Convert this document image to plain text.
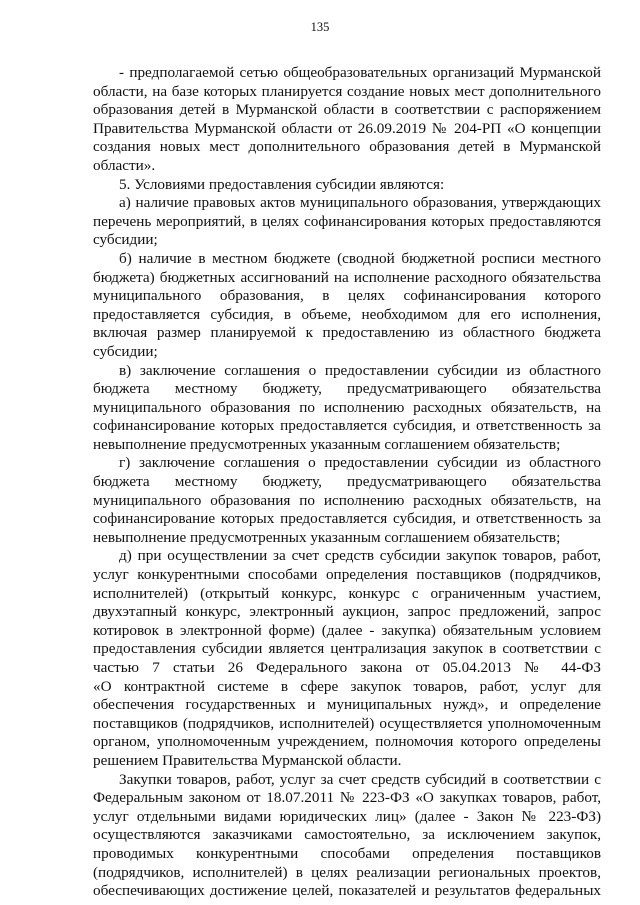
135
- предполагаемой сетью общеобразовательных организаций Мурманской
области, на базе которых планируется создание новых мест дополнительного
образования детей в Мурманской области в соответствии с распоряжением
Правительства Мурманской области от 26.09.2019 № 204-РП «О концепции
создания новых мест дополнительного образования детей в Мурманской
области».
5. Условиями предоставления субсидии являются:
а) наличие правовых актов муниципального образования, утверждающих
перечень мероприятий, в целях софинансирования которых предоставляются
субсидии;
б) наличие в местном бюджете (сводной бюджетной росписи местного
бюджета) бюджетных ассигнований на исполнение расходного обязательства
муниципального образования, в целях софинансирования которого
предоставляется субсидия, в объеме, необходимом для его исполнения,
включая размер планируемой к предоставлению из областного бюджета
субсидии;
в) заключение соглашения о предоставлении субсидии из областного
бюджета местному бюджету, предусматривающего обязательства
муниципального образования по исполнению расходных обязательств, на
софинансирование которых предоставляется субсидия, и ответственность за
невыполнение предусмотренных указанным соглашением обязательств;
г) заключение соглашения о предоставлении субсидии из областного
бюджета местному бюджету, предусматривающего обязательства
муниципального образования по исполнению расходных обязательств, на
софинансирование которых предоставляется субсидия, и ответственность за
невыполнение предусмотренных указанным соглашением обязательств;
д) при осуществлении за счет средств субсидии закупок товаров, работ,
услуг конкурентными способами определения поставщиков (подрядчиков,
исполнителей) (открытый конкурс, конкурс с ограниченным участием,
двухэтапный конкурс, электронный аукцион, запрос предложений, запрос
котировок в электронной форме) (далее - закупка) обязательным условием
предоставления субсидии является централизация закупок в соответствии с
частью 7 статьи 26 Федерального закона от 05.04.2013 № 44-ФЗ
«О контрактной системе в сфере закупок товаров, работ, услуг для
обеспечения государственных и муниципальных нужд», и определение
поставщиков (подрядчиков, исполнителей) осуществляется уполномоченным
органом, уполномоченным учреждением, полномочия которого определены
решением Правительства Мурманской области.
Закупки товаров, работ, услуг за счет средств субсидий в соответствии с
Федеральным законом от 18.07.2011 № 223-ФЗ «О закупках товаров, работ,
услуг отдельными видами юридических лиц» (далее - Закон № 223-ФЗ)
осуществляются заказчиками самостоятельно, за исключением закупок,
проводимых конкурентными способами определения поставщиков
(подрядчиков, исполнителей) в целях реализации региональных проектов,
обеспечивающих достижение целей, показателей и результатов федеральных
